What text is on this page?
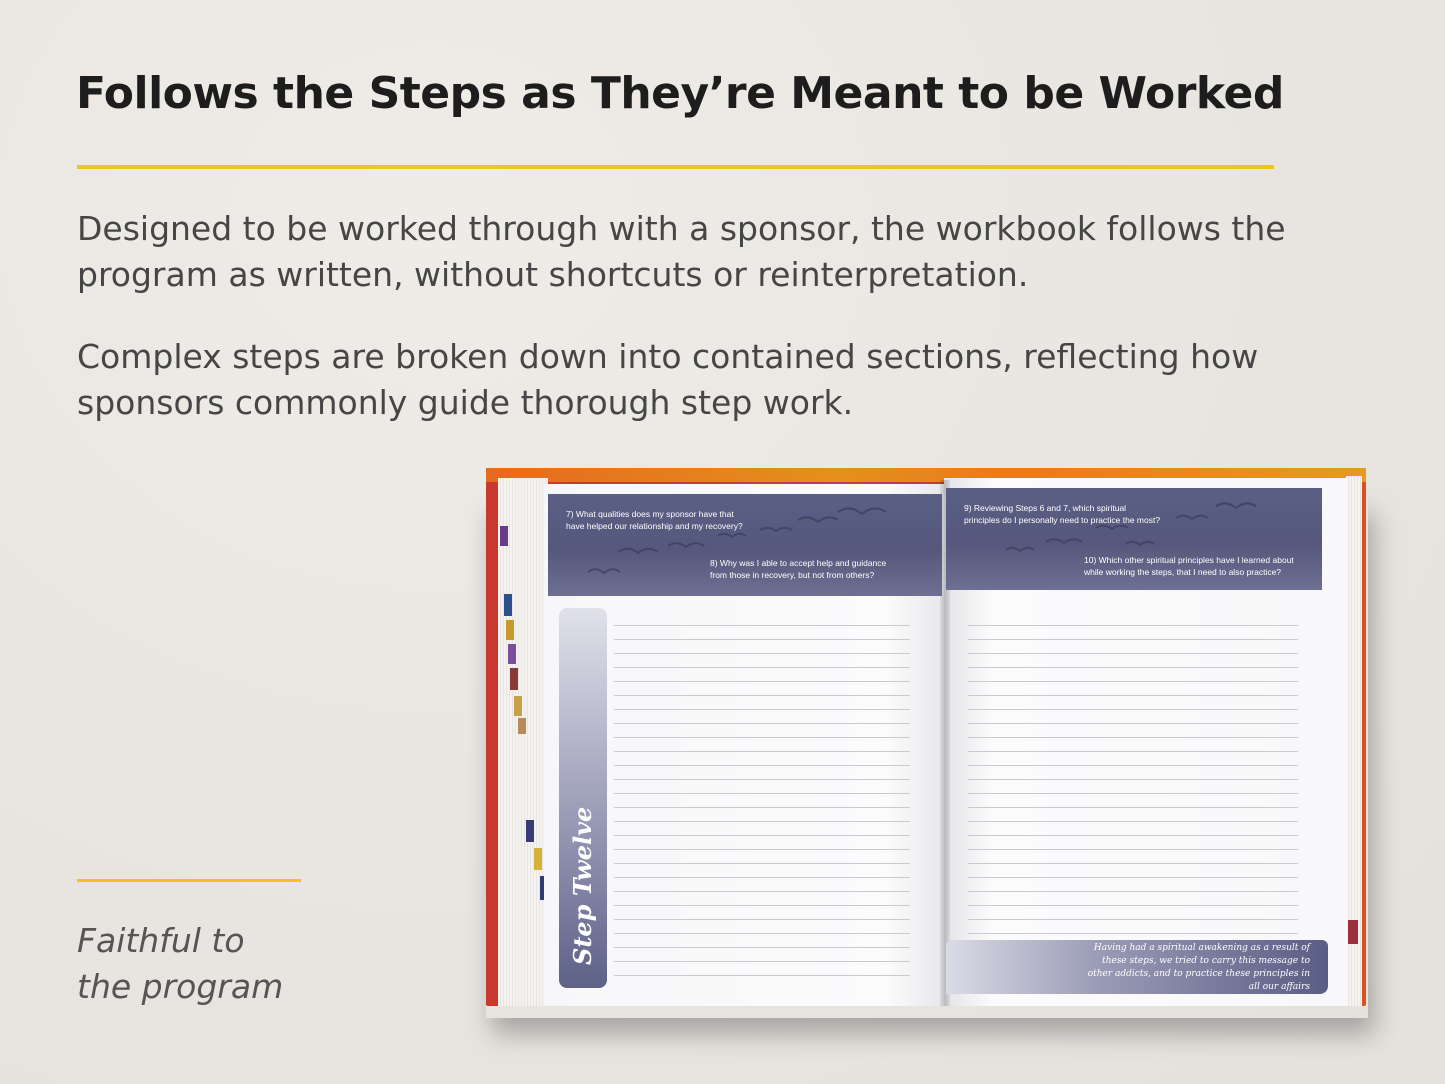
Follows the Steps as They’re Meant to be Worked

Designed to be worked through with a sponsor, the workbook follows the program as written, without shortcuts or reinterpretation.

Complex steps are broken down into contained sections, reflecting how sponsors commonly guide thorough step work.

Faithful to
the program

7) What qualities does my sponsor have that
have helped our relationship and my recovery?

8) Why was I able to accept help and guidance
from those in recovery, but not from others?

9) Reviewing Steps 6 and 7, which spiritual
principles do I personally need to practice the most?

10) Which other spiritual principles have I learned about
while working the steps, that I need to also practice?

Step Twelve	Having had a spiritual awakening as a result of these steps, we tried to carry this message to other addicts, and to practice these principles in all our affairs
